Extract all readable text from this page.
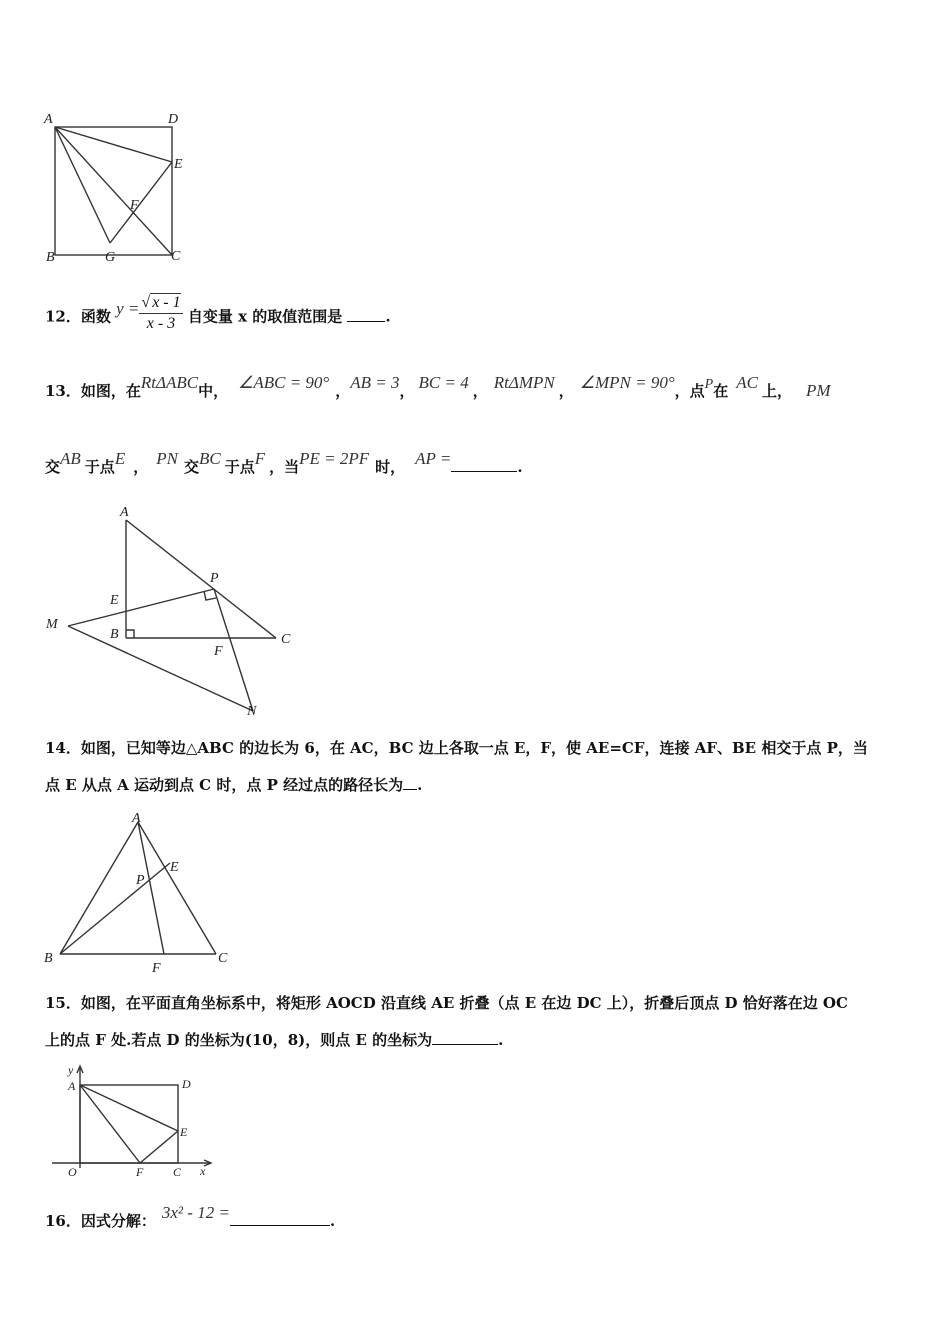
A	D
E
F
B	G	C
12．函数 $y = \frac{√ x - 1}{x - 3}$ 自变量 x 的取值范围是	.
13．如图，在RtΔABC中， ∠ABC = 90° ，AB = 3， BC = 4 ， RtΔMPN ， ∠MPN = 90°，点P在 AC 上， PM
交AB 于点E ， PN 交BC 于点F ，当PE = 2PF 时， AP =	.
A
P
E
M
B	C
F
N
14．如图，已知等边△ABC 的边长为 6，在 AC，BC 边上各取一点 E，F，使 AE=CF，连接 AF、BE 相交于点 P，当
点 E 从点 A 运动到点 C 时，点 P 经过点的路径长为 .
A
E
P
B
F
C
15．如图，在平面直角坐标系中，将矩形 AOCD 沿直线 AE 折叠（点 E 在边 DC 上），折叠后顶点 D 恰好落在边 OC
上的点 F 处.若点 D 的坐标为(10，8)，则点 E 的坐标为	.
y
A	D
E
O	F C x
16．因式分解： 3x² - 12 =	.
